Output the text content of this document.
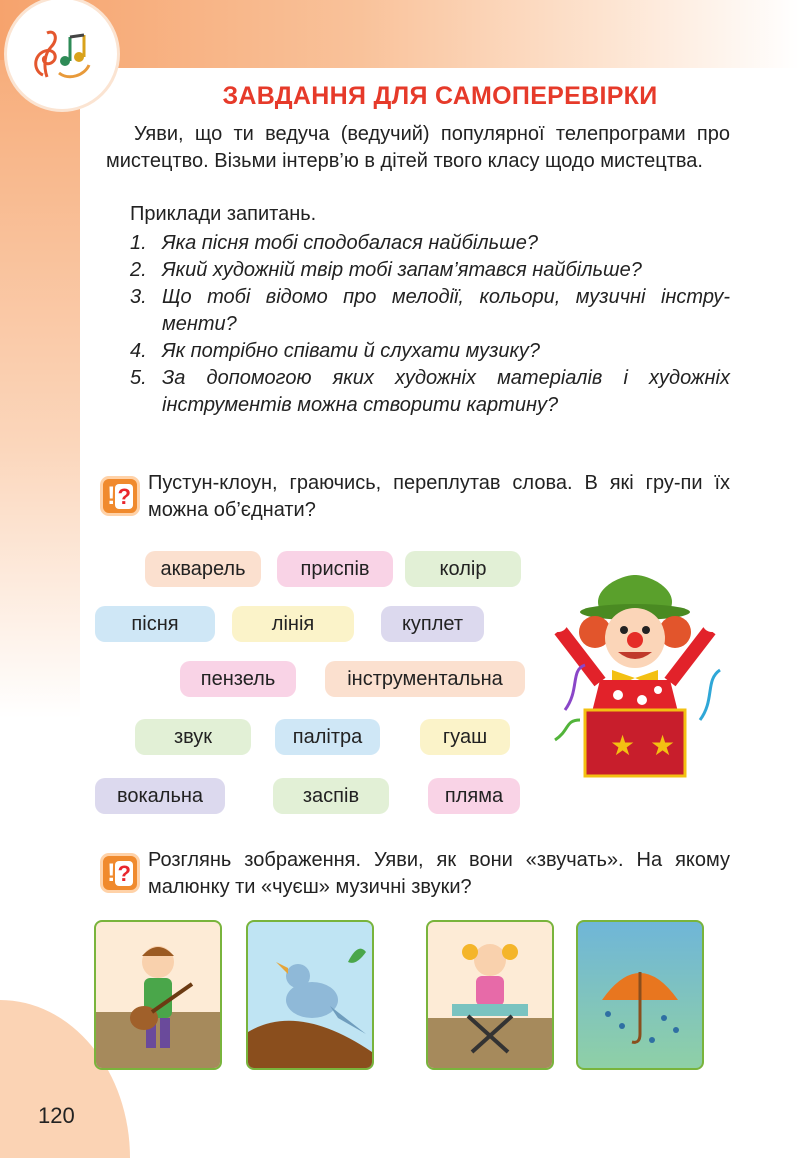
ЗАВДАННЯ ДЛЯ САМОПЕРЕВІРКИ
Уяви, що ти ведуча (ведучий) популярної телепрограми про мистецтво. Візьми інтерв’ю в дітей твого класу щодо мистецтва.
Приклади запитань.
1. Яка пісня тобі сподобалася найбільше?
2. Який художній твір тобі запам’ятався найбільше?
3. Що тобі відомо про мелодії, кольори, музичні інстру-менти?
4. Як потрібно співати й слухати музику?
5. За допомогою яких художніх матеріалів і художніх інструментів можна створити картину?
!?
Пустун-клоун, граючись, переплутав слова. В які гру-пи їх можна об’єднати?
акварель	приспів	колір
пісня	лінія	куплет
пензель	інструментальна
звук	палітра	гуаш
вокальна	заспів	пляма
★ ★
!?
Розглянь зображення. Уяви, як вони «звучать». На якому малюнку ти «чуєш» музичні звуки?
120
